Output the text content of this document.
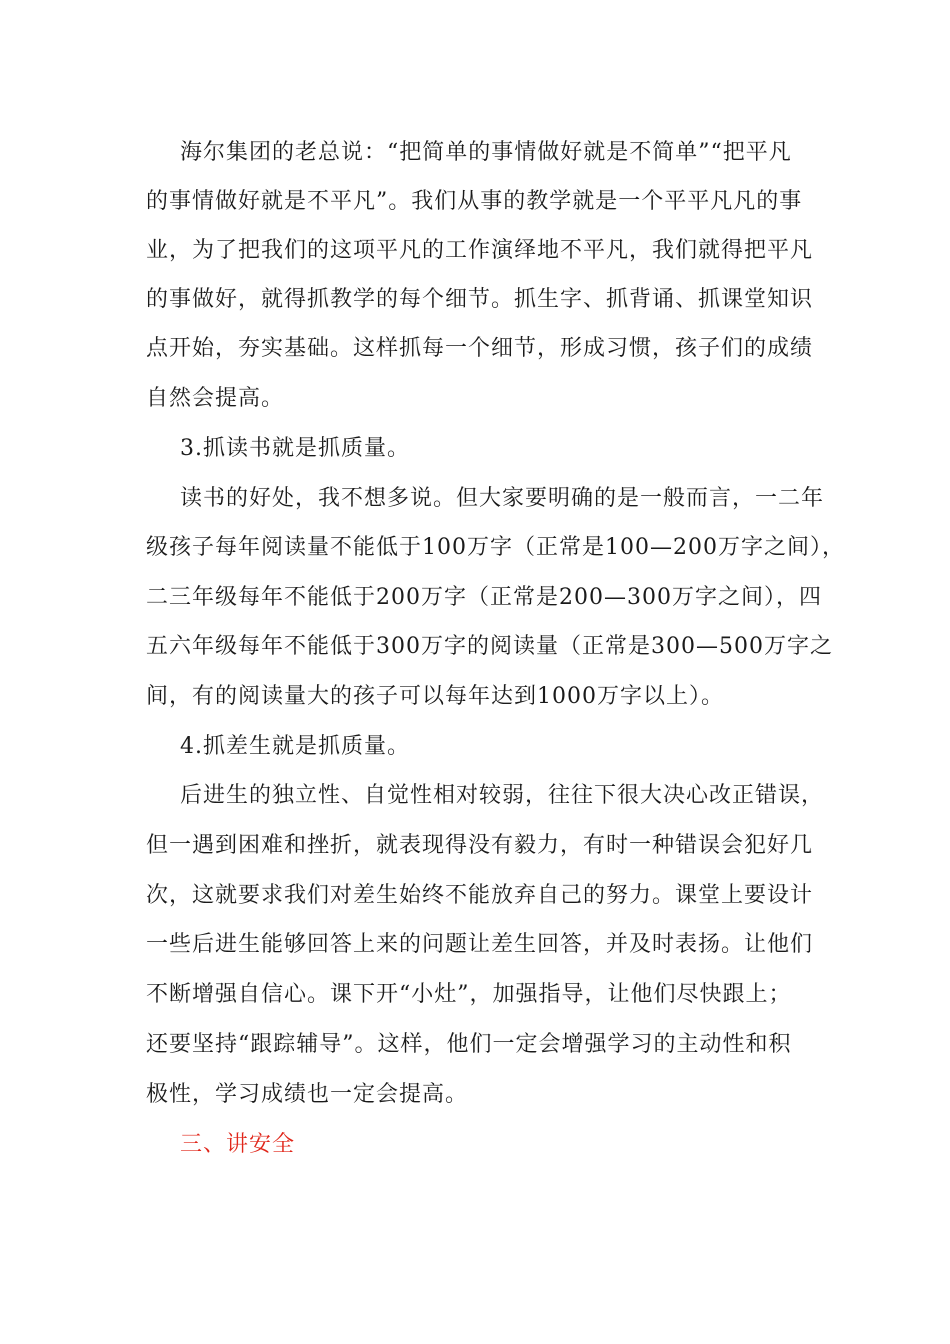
海尔集团的老总说：“把简单的事情做好就是不简单”“把平凡
的事情做好就是不平凡”。我们从事的教学就是一个平平凡凡的事
业，为了把我们的这项平凡的工作演绎地不平凡，我们就得把平凡
的事做好，就得抓教学的每个细节。抓生字、抓背诵、抓课堂知识
点开始，夯实基础。这样抓每一个细节，形成习惯，孩子们的成绩
自然会提高。
3.抓读书就是抓质量。
读书的好处，我不想多说。但大家要明确的是一般而言，一二年
级孩子每年阅读量不能低于100万字（正常是100—200万字之间），
二三年级每年不能低于200万字（正常是200—300万字之间），四
五六年级每年不能低于300万字的阅读量（正常是300—500万字之
间，有的阅读量大的孩子可以每年达到1000万字以上）。
4.抓差生就是抓质量。
后进生的独立性、自觉性相对较弱，往往下很大决心改正错误，
但一遇到困难和挫折，就表现得没有毅力，有时一种错误会犯好几
次，这就要求我们对差生始终不能放弃自己的努力。课堂上要设计
一些后进生能够回答上来的问题让差生回答，并及时表扬。让他们
不断增强自信心。课下开“小灶”，加强指导，让他们尽快跟上；
还要坚持“跟踪辅导”。这样，他们一定会增强学习的主动性和积
极性，学习成绩也一定会提高。
三、讲安全
